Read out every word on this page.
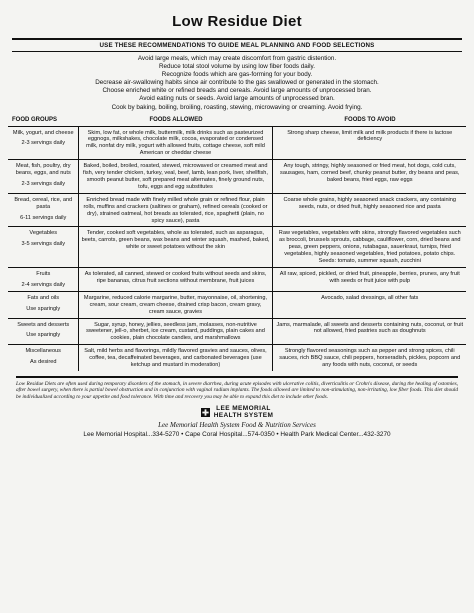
Low Residue Diet
USE THESE RECOMMENDATIONS TO GUIDE MEAL PLANNING AND FOOD SELECTIONS
Avoid large meals, which may create discomfort from gastric distention.
Reduce total stool volume by using low fiber foods daily.
Recognize foods which are gas-forming for your body.
Decrease air-swallowing habits since air contribute to the gas swallowed or generated in the stomach.
Choose enriched white or refined breads and cereals. Avoid large amounts of unprocessed bran.
Avoid eating nuts or seeds. Avoid large amounts of unprocessed bran.
Cook by baking, boiling, broiling, roasting, stewing, microwaving or creaming. Avoid frying.
FOOD GROUPS	FOODS ALLOWED	FOODS TO AVOID

Milk, yogurt, and cheese
2-3 servings daily	Skim, low fat, or whole milk, buttermilk, milk drinks such as pasteurized eggnogs, milkshakes, chocolate milk, cocoa, evaporated or condensed milk, nonfat dry milk, yogurt with allowed fruits, cottage cheese, soft mild American or cheddar cheese	Strong sharp cheese, limit milk and milk products if there is lactose deficiency

Meat, fish, poultry, dry beans, eggs, and nuts
2-3 servings daily	Baked, boiled, broiled, roasted, stewed, microwaved or creamed meat and fish, very tender chicken, turkey, veal, beef, lamb, lean pork, liver, shellfish, smooth peanut butter, soft prepared meat alternates, finely ground nuts, tofu, eggs and egg substitutes	Any tough, stringy, highly seasoned or fried meat, hot dogs, cold cuts, sausages, ham, corned beef, chunky peanut butter, dry beans and peas, baked beans, fried eggs, raw eggs

Bread, cereal, rice, and pasta
6-11 servings daily	Enriched bread made with finely milled whole grain or refined flour, plain rolls, muffins and crackers (saltines or graham), refined cereals (cooked or dry), strained oatmeal, hot breads as tolerated, rice, spaghetti (plain, no spicy sauce), pasta	Coarse whole grains, highly seasoned snack crackers, any containing seeds, nuts, or dried fruit, highly seasoned rice and pasta

Vegetables
3-5 servings daily	Tender, cooked soft vegetables, whole as tolerated, such as asparagus, beets, carrots, green beans, wax beans and winter squash, mashed, baked, white or sweet potatoes without the skin	Raw vegetables, vegetables with skins, strongly flavored vegetables such as broccoli, brussels sprouts, cabbage, cauliflower, corn, dried beans and peas, green peppers, onions, rutabagas, sauerkraut, turnips, fried vegetables, highly seasoned vegetables, fried potatoes, potato chips. Seeds: tomato, summer squash, zucchini

Fruits
2-4 servings daily	As tolerated, all canned, stewed or cooked fruits without seeds and skins, ripe bananas, citrus fruit sections without membrane, fruit juices	All raw, spiced, pickled, or dried fruit, pineapple, berries, prunes, any fruit with seeds or fruit juice with pulp

Fats and oils
Use sparingly	Margarine, reduced calorie margarine, butter, mayonnaise, oil, shortening, cream, sour cream, cream cheese, drained crisp bacon, cream gravy, cream sauce, gravies	Avocado, salad dressings, all other fats

Sweets and desserts
Use sparingly	Sugar, syrup, honey, jellies, seedless jam, molasses, non-nutritive sweetener, jell-o, sherbet, ice cream, custard, puddings, plain cakes and cookies, plain chocolate candies, and marshmallows	Jams, marmalade, all sweets and desserts containing nuts, coconut, or fruit not allowed, fried pastries such as doughnuts

Miscellaneous
As desired	Salt, mild herbs and flavorings, mildly flavored gravies and sauces, olives, coffee, tea, decaffeinated beverages, and carbonated beverages (use ketchup and mustard in moderation)	Strongly flavored seasonings such as pepper and strong spices, chili sauces, rich BBQ sauce, chili peppers, horseradish, pickles, popcorn and any foods with nuts, coconut, or seeds
Low Residue Diets are often used during temporary disorders of the stomach, in severe diarrhea, during acute episodes with ulcerative colitis, diverticulitis or Crohn's disease, during the healing of ostomies, after bowel surgery, when there is partial bowel obstruction and in conjunction with vaginal radium implants. The foods allowed are limited to non-stimulating, non-irritating, low fiber foods. This diet should be individualized according to your appetite and food tolerance. With time and recovery you may be able to expand this diet to include other foods.
LEE MEMORIAL
HEALTH SYSTEM
Lee Memorial Health System Food & Nutrition Services
Lee Memorial Hospital...334-5270 • Cape Coral Hospital...574-0350 • Health Park Medical Center...432-3270
